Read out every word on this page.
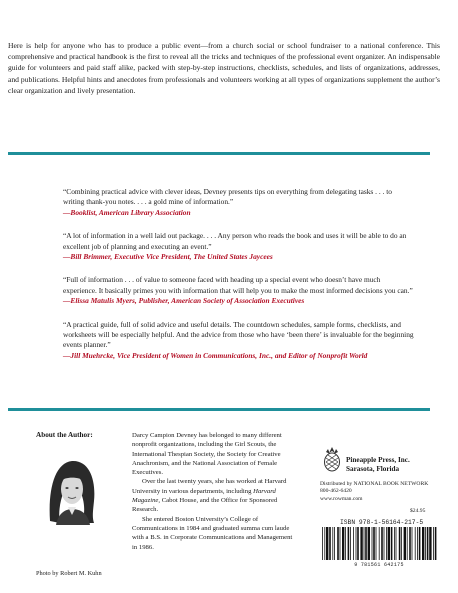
Here is help for anyone who has to produce a public event—from a church social or school fundraiser to a national conference. This comprehensive and practical handbook is the first to reveal all the tricks and techniques of the professional event organizer. An indispensable guide for volunteers and paid staff alike, packed with step-by-step instructions, checklists, schedules, and lists of organizations, addresses, and publications. Helpful hints and anecdotes from professionals and volunteers working at all types of organizations supplement the author’s clear organization and lively presentation.

“Combining practical advice with clever ideas, Devney presents tips on everything from delegating tasks . . . to writing thank-you notes. . . . a gold mine of information.”
—Booklist, American Library Association

“A lot of information in a well laid out package. . . . Any person who reads the book and uses it will be able to do an excellent job of planning and executing an event.”
—Bill Brimmer, Executive Vice President, The United States Jaycees

“Full of information . . . of value to someone faced with heading up a special event who doesn’t have much experience. It basically primes you with information that will help you to make the most informed decisions you can.”
—Elissa Matulis Myers, Publisher, American Society of Association Executives

“A practical guide, full of solid advice and useful details. The countdown schedules, sample forms, checklists, and worksheets will be especially helpful. And the advice from those who have ‘been there’ is invaluable for the beginning events planner.”
—Jill Muehrcke, Vice President of Women in Communications, Inc., and Editor of Nonprofit World

About the Author:
Photo by Robert M. Kuhn

Darcy Campion Devney has belonged to many different nonprofit organizations, including the Girl Scouts, the International Thespian Society, the Society for Creative Anachronism, and the National Association of Female Executives.

Over the last twenty years, she has worked at Harvard University in various departments, including Harvard Magazine, Cabot House, and the Office for Sponsored Research.

She entered Boston University’s College of Communications in 1984 and graduated summa cum laude with a B.S. in Corporate Communications and Management in 1986.

Pineapple Press, Inc.
Sarasota, Florida
Distributed by NATIONAL BOOK NETWORK
800-462-6420
www.rowman.com
$24.95
ISBN 978-1-56164-217-5
9 781561 642175
